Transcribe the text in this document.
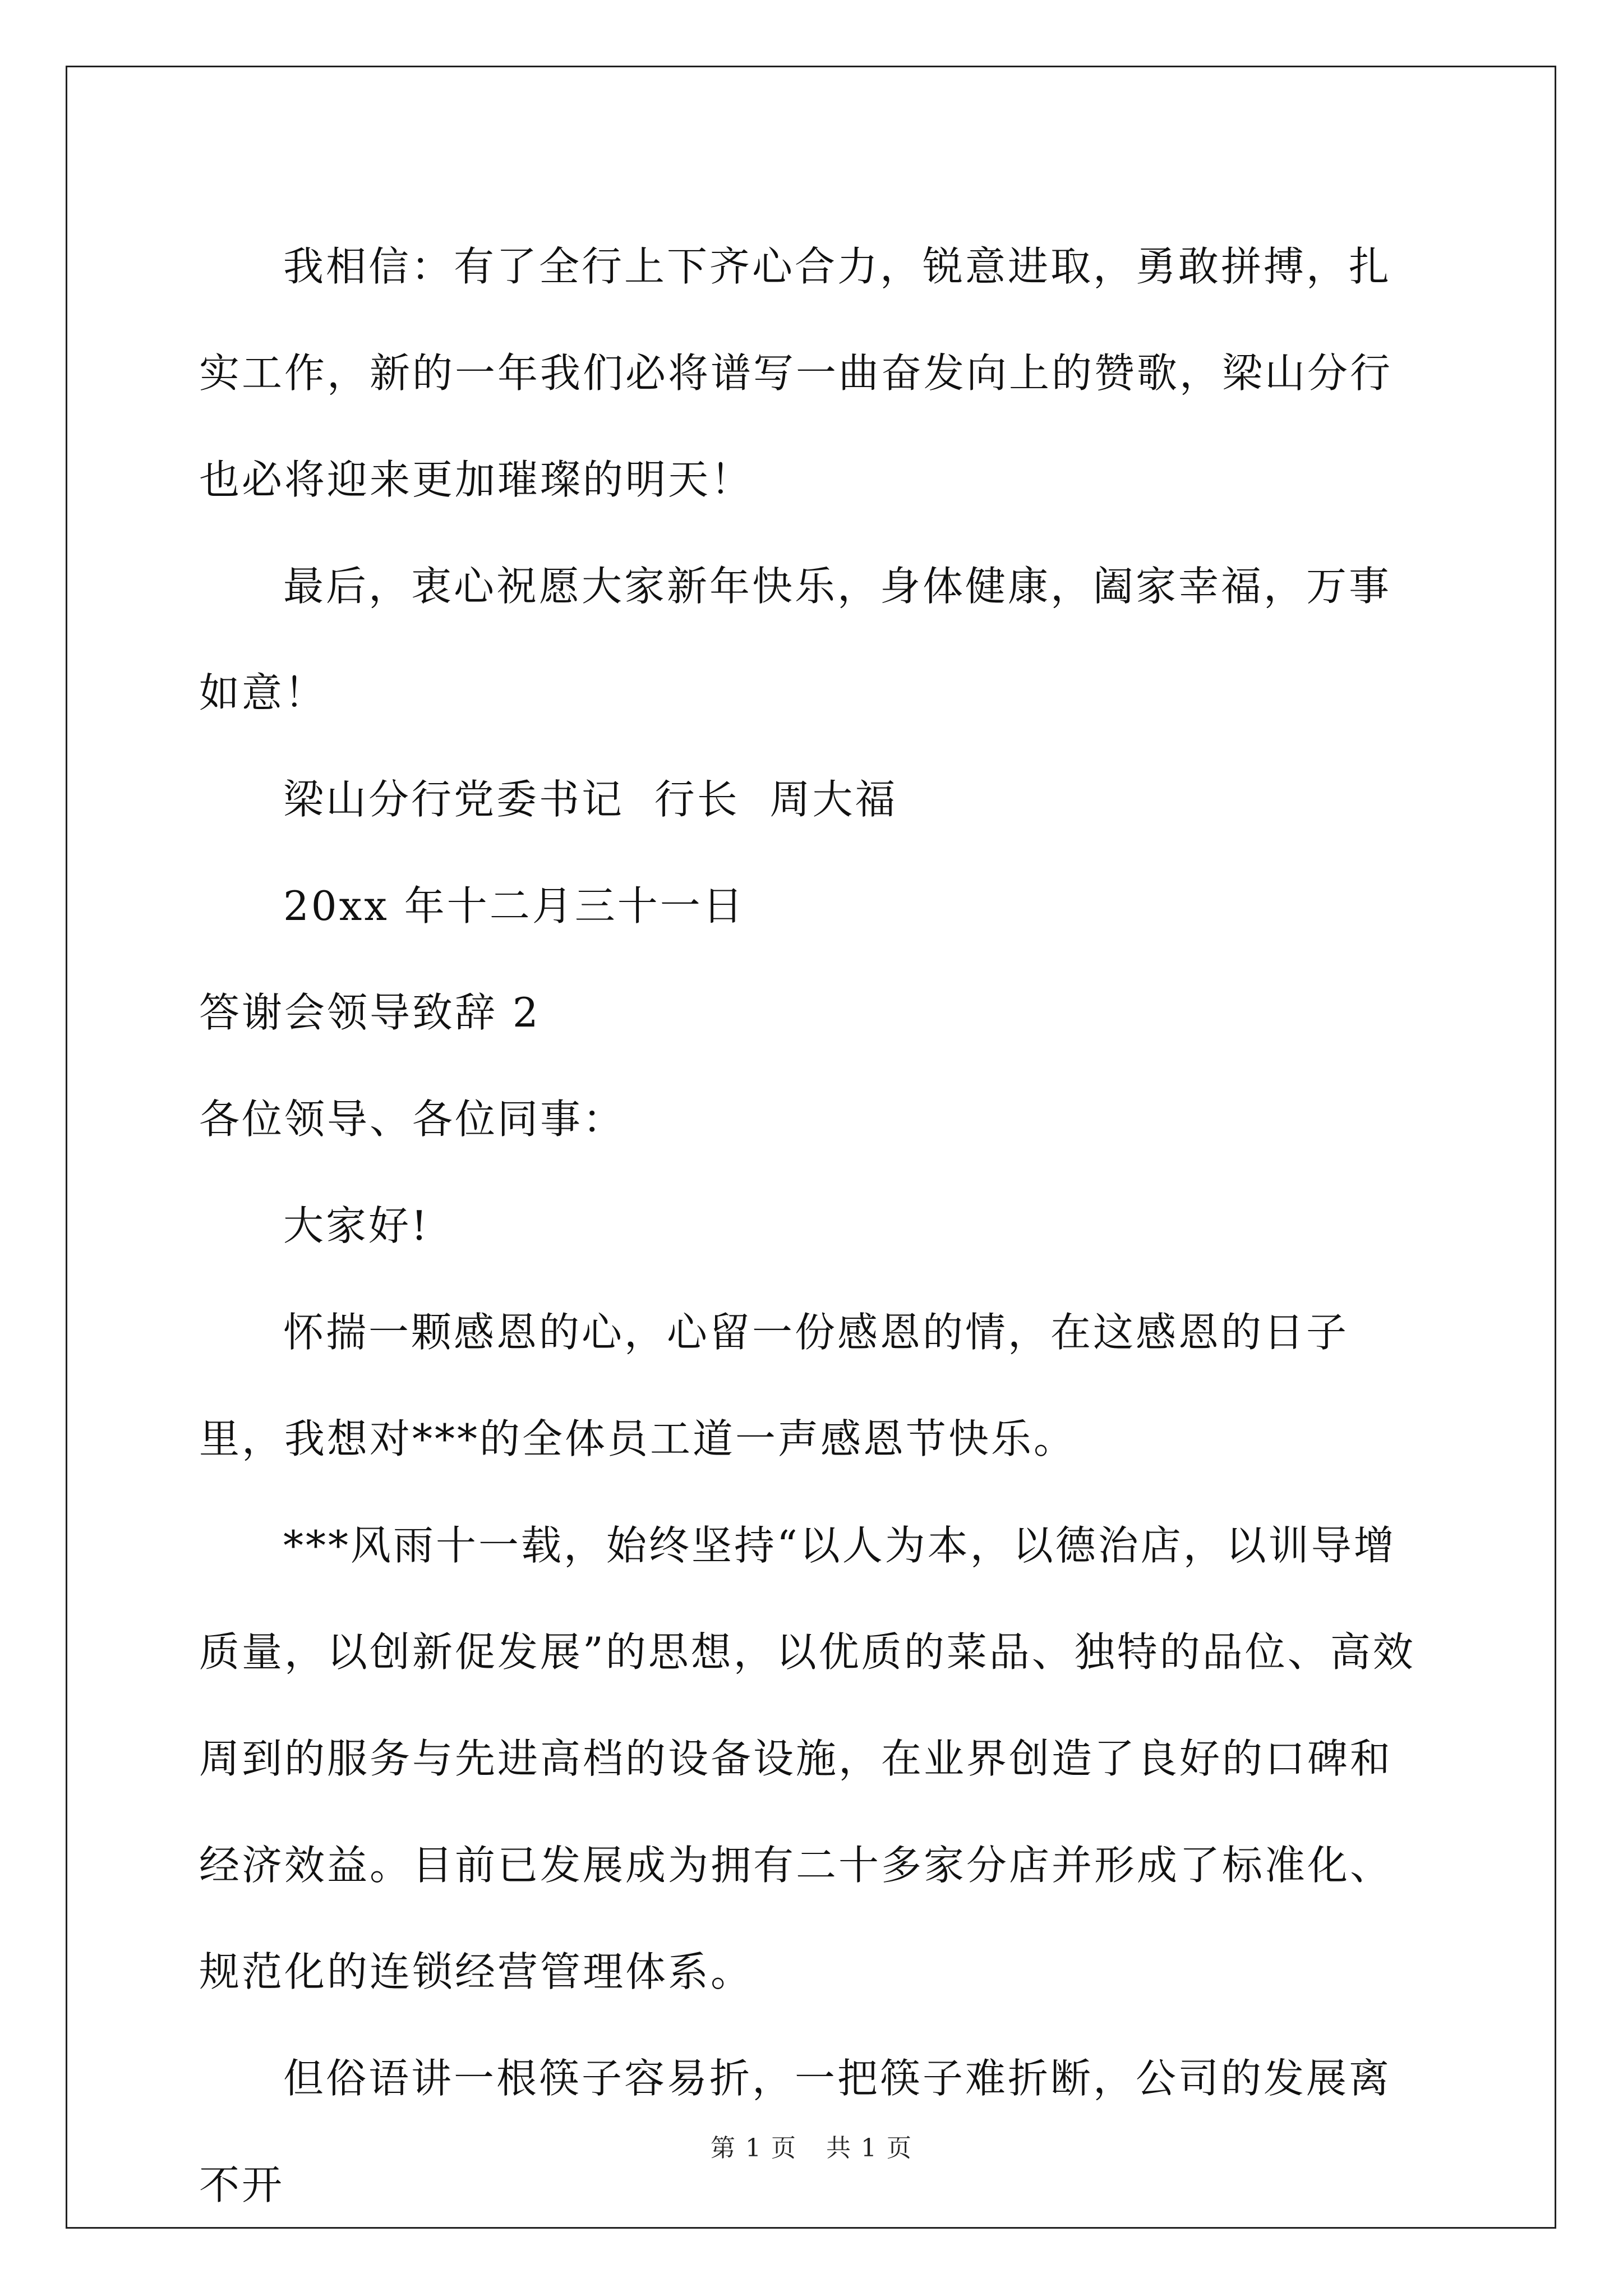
我相信：有了全行上下齐心合力，锐意进取，勇敢拼搏，扎实工作，新的一年我们必将谱写一曲奋发向上的赞歌，梁山分行也必将迎来更加璀璨的明天！

最后，衷心祝愿大家新年快乐，身体健康，阖家幸福，万事如意！

梁山分行党委书记  行长  周大福

20xx 年十二月三十一日

答谢会领导致辞 2

各位领导、各位同事：

大家好!

怀揣一颗感恩的心，心留一份感恩的情，在这感恩的日子里，我想对***的全体员工道一声感恩节快乐。

***风雨十一载，始终坚持“以人为本，以德治店，以训导增质量，以创新促发展”的思想，以优质的菜品、独特的品位、高效周到的服务与先进高档的设备设施，在业界创造了良好的口碑和经济效益。目前已发展成为拥有二十多家分店并形成了标准化、规范化的连锁经营管理体系。

但俗语讲一根筷子容易折，一把筷子难折断，公司的发展离不开

第 1 页 共 1 页
